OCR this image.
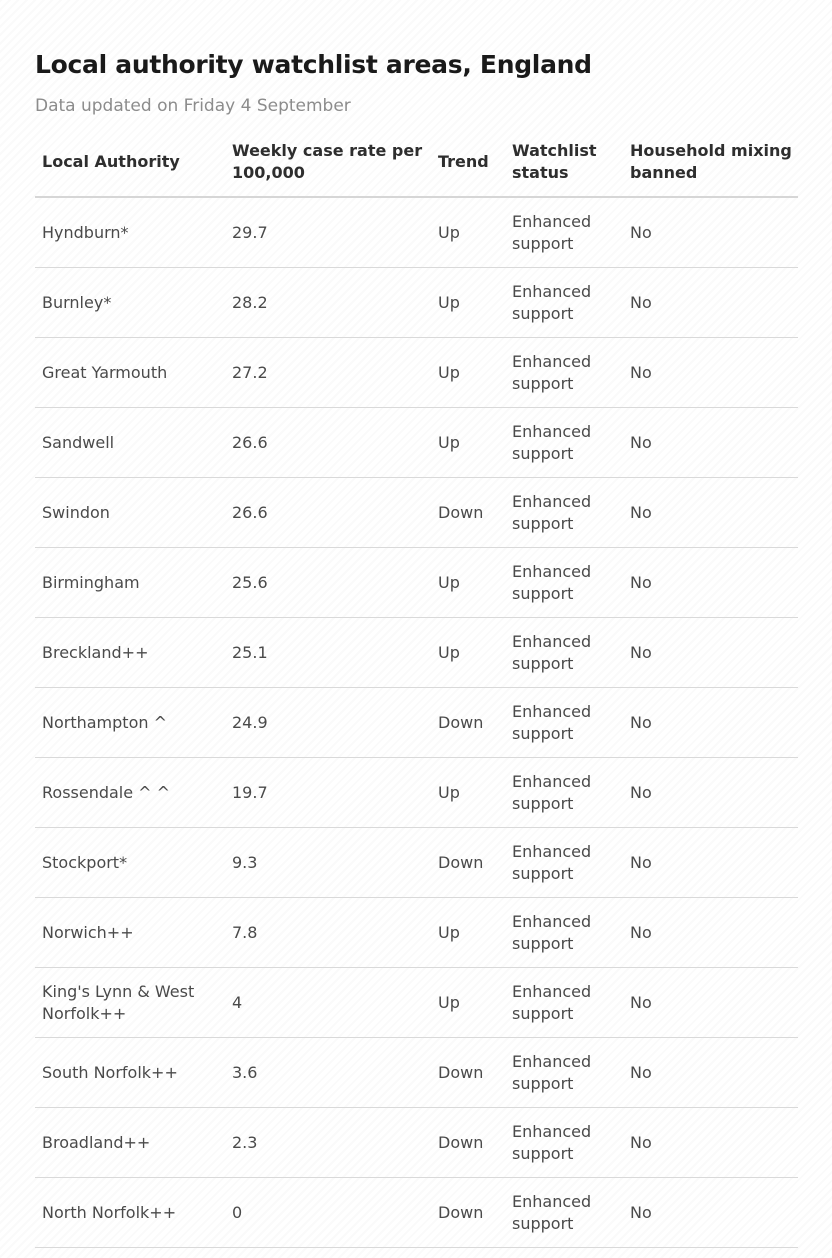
Local authority watchlist areas, England
Data updated on Friday 4 September
Local Authority	Weekly case rate per 100,000	Trend	Watchlist status	Household mixing banned
Hyndburn*	29.7	Up	Enhanced support	No
Burnley*	28.2	Up	Enhanced support	No
Great Yarmouth	27.2	Up	Enhanced support	No
Sandwell	26.6	Up	Enhanced support	No
Swindon	26.6	Down	Enhanced support	No
Birmingham	25.6	Up	Enhanced support	No
Breckland++	25.1	Up	Enhanced support	No
Northampton ^	24.9	Down	Enhanced support	No
Rossendale ^ ^	19.7	Up	Enhanced support	No
Stockport*	9.3	Down	Enhanced support	No
Norwich++	7.8	Up	Enhanced support	No
King's Lynn & West Norfolk++	4	Up	Enhanced support	No
South Norfolk++	3.6	Down	Enhanced support	No
Broadland++	2.3	Down	Enhanced support	No
North Norfolk++	0	Down	Enhanced support	No
